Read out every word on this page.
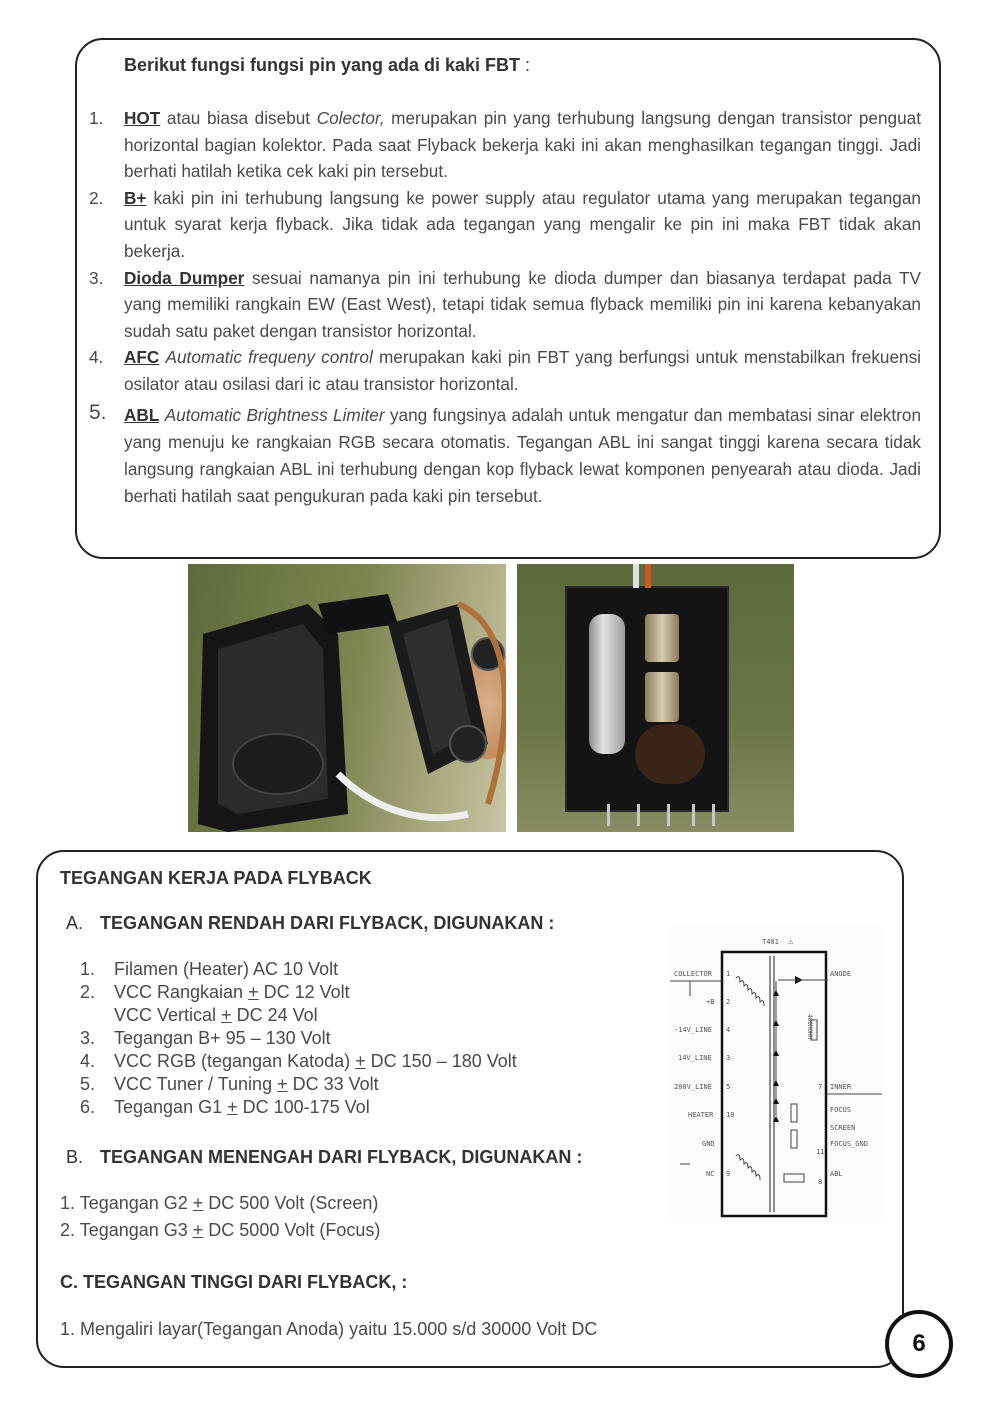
Berikut fungsi fungsi pin yang ada di kaki FBT :
1. HOT atau biasa disebut Colector, merupakan pin yang terhubung langsung dengan transistor penguat horizontal bagian kolektor. Pada saat Flyback bekerja kaki ini akan menghasilkan tegangan tinggi. Jadi berhati hatilah ketika cek kaki pin tersebut.
2. B+ kaki pin ini terhubung langsung ke power supply atau regulator utama yang merupakan tegangan untuk syarat kerja flyback. Jika tidak ada tegangan yang mengalir ke pin ini maka FBT tidak akan bekerja.
3. Dioda Dumper sesuai namanya pin ini terhubung ke dioda dumper dan biasanya terdapat pada TV yang memiliki rangkain EW (East West), tetapi tidak semua flyback memiliki pin ini karena kebanyakan sudah satu paket dengan transistor horizontal.
4. AFC Automatic frequeny control merupakan kaki pin FBT yang berfungsi untuk menstabilkan frekuensi osilator atau osilasi dari ic atau transistor horizontal.
5. ABL Automatic Brightness Limiter yang fungsinya adalah untuk mengatur dan membatasi sinar elektron yang menuju ke rangkaian RGB secara otomatis. Tegangan ABL ini sangat tinggi karena secara tidak langsung rangkaian ABL ini terhubung dengan kop flyback lewat komponen penyearah atau dioda. Jadi berhati hatilah saat pengukuran pada kaki pin tersebut.
TEGANGAN KERJA PADA FLYBACK
A. TEGANGAN RENDAH DARI FLYBACK, DIGUNAKAN :
1. Filamen (Heater) AC 10 Volt
2. VCC Rangkaian + DC 12 Volt
VCC Vertical + DC 24 Vol
3. Tegangan B+ 95 – 130 Volt
4. VCC RGB (tegangan Katoda) + DC 150 – 180 Volt
5. VCC Tuner / Tuning + DC 33 Volt
6. Tegangan G1 + DC 100-175 Vol
B. TEGANGAN MENENGAH DARI FLYBACK, DIGUNAKAN :
1. Tegangan G2 + DC 500 Volt (Screen)
2. Tegangan G3 + DC 5000 Volt (Focus)
C. TEGANGAN TINGGI DARI FLYBACK, :
1. Mengaliri layar(Tegangan Anoda) yaitu 15.000 s/d 30000 Volt DC
T401 ⚠
COLLECTOR
+B
-14V_LINE
14V_LINE
200V_LINE
HEATER
GND
NC
1
2
4
3
5
10
9
ANODE
INNER
FOCUS
SCREEN
FOCUS_GND
ABL
7
11
8
400MOHM
6
